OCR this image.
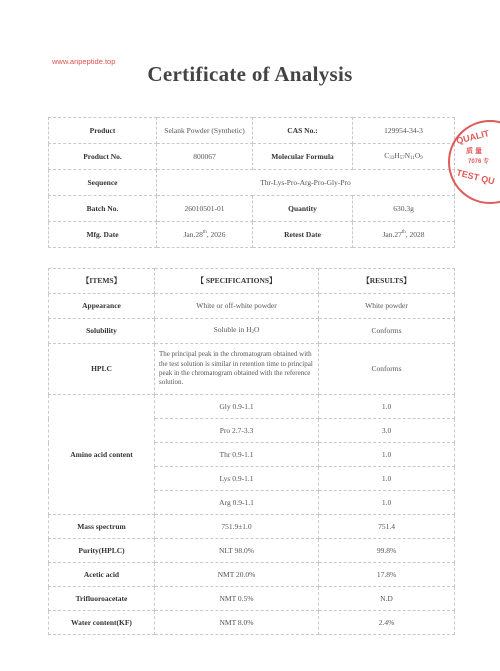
www.anpeptide.top
Certificate of Analysis
Product	Selank Powder (Synthetic)	CAS No.:	129954-34-3
Product No.	800067	Molecular Formula	$C_{33}H_{57}N_{11}O_9$
Sequence	Thr-Lys-Pro-Arg-Pro-Gly-Pro		
Batch No.	26010501-01	Quantity	630.3g
Mfg. Date	Jan.28th, 2026	Retest Date	Jan.27th, 2028
【ITEMS】	【 SPECIFICATIONS】	【RESULTS】
Appearance	White or off-white powder	White powder
Solubility	Soluble in $H_2O$	Conforms
HPLC	The principal peak in the chromatogram obtained with the test solution is similar in retention time to principal peak in the chromatogram obtained with the reference solution.	Conforms
Amino acid content	Gly 0.9-1.1	1.0
	Pro 2.7-3.3	3.0
	Thr 0.9-1.1	1.0
	Lys 0.9-1.1	1.0
	Arg 0.9-1.1	1.0
Mass spectrum	751.9±1.0	751.4
Purity(HPLC)	NLT 98.0%	99.8%
Acetic acid	NMT 20.0%	17.8%
Trifluoroacetate	NMT 0.5%	N.D
Water content(KF)	NMT 8.0%	2.4%
QUALIT
质 量
7076 专
TEST QU
